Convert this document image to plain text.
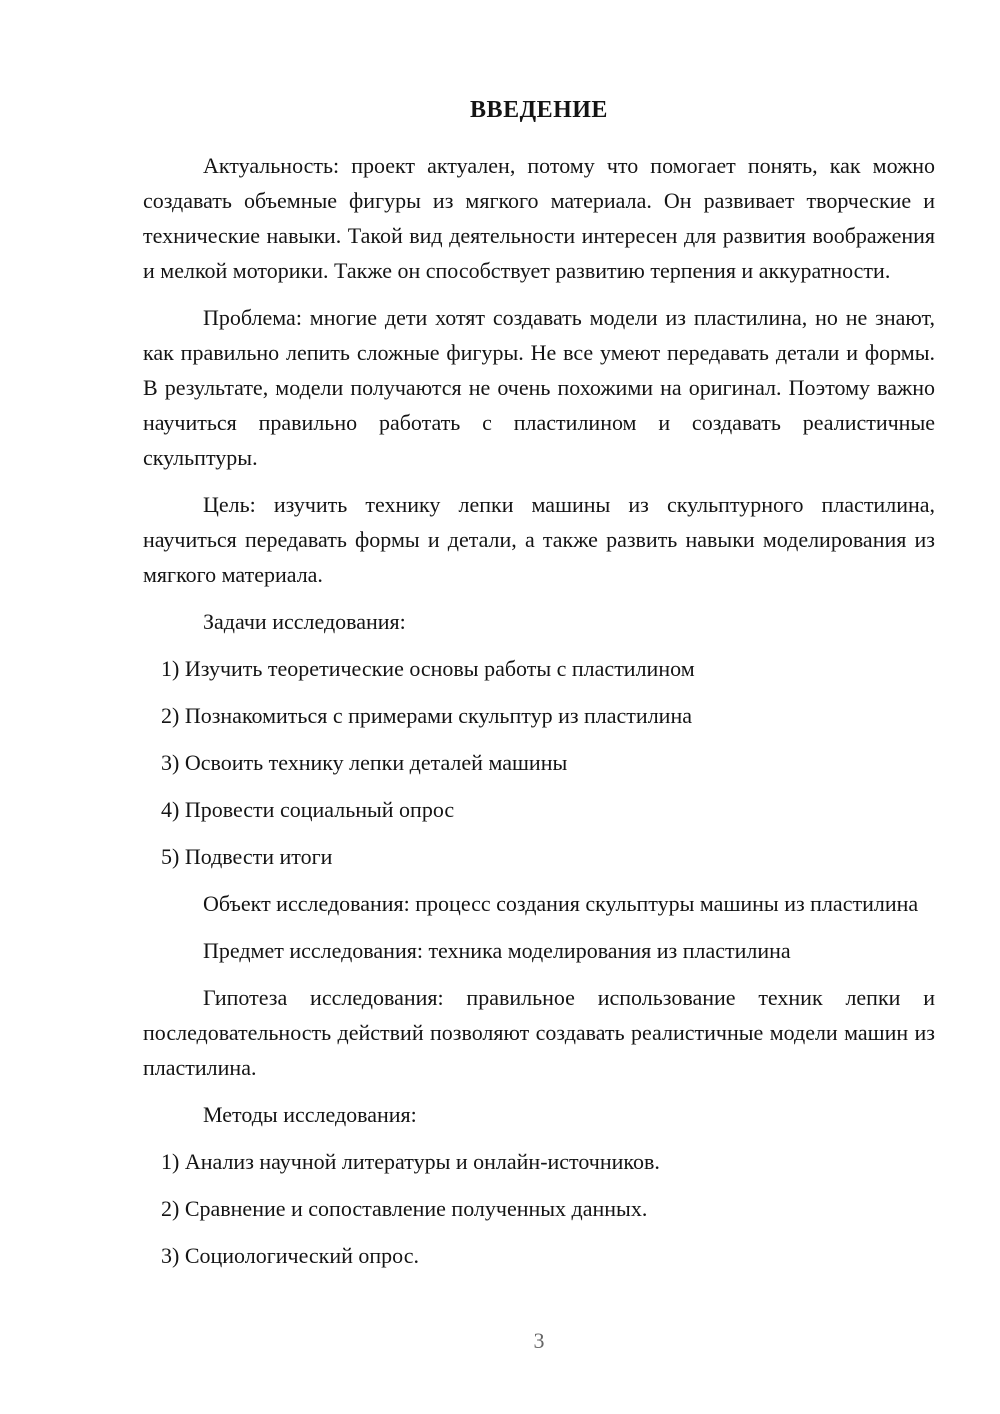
ВВЕДЕНИЕ

Актуальность: проект актуален, потому что помогает понять, как можно создавать объемные фигуры из мягкого материала. Он развивает творческие и технические навыки. Такой вид деятельности интересен для развития воображения и мелкой моторики. Также он способствует развитию терпения и аккуратности.

Проблема: многие дети хотят создавать модели из пластилина, но не знают, как правильно лепить сложные фигуры. Не все умеют передавать детали и формы. В результате, модели получаются не очень похожими на оригинал. Поэтому важно научиться правильно работать с пластилином и создавать реалистичные скульптуры.

Цель: изучить технику лепки машины из скульптурного пластилина, научиться передавать формы и детали, а также развить навыки моделирования из мягкого материала.

Задачи исследования:

1) Изучить теоретические основы работы с пластилином

2) Познакомиться с примерами скульптур из пластилина

3) Освоить технику лепки деталей машины

4) Провести социальный опрос

5) Подвести итоги

Объект исследования: процесс создания скульптуры машины из пластилина

Предмет исследования: техника моделирования из пластилина

Гипотеза исследования: правильное использование техник лепки и последовательность действий позволяют создавать реалистичные модели машин из пластилина.

Методы исследования:

1) Анализ научной литературы и онлайн-источников.

2) Сравнение и сопоставление полученных данных.

3) Социологический опрос.

3
